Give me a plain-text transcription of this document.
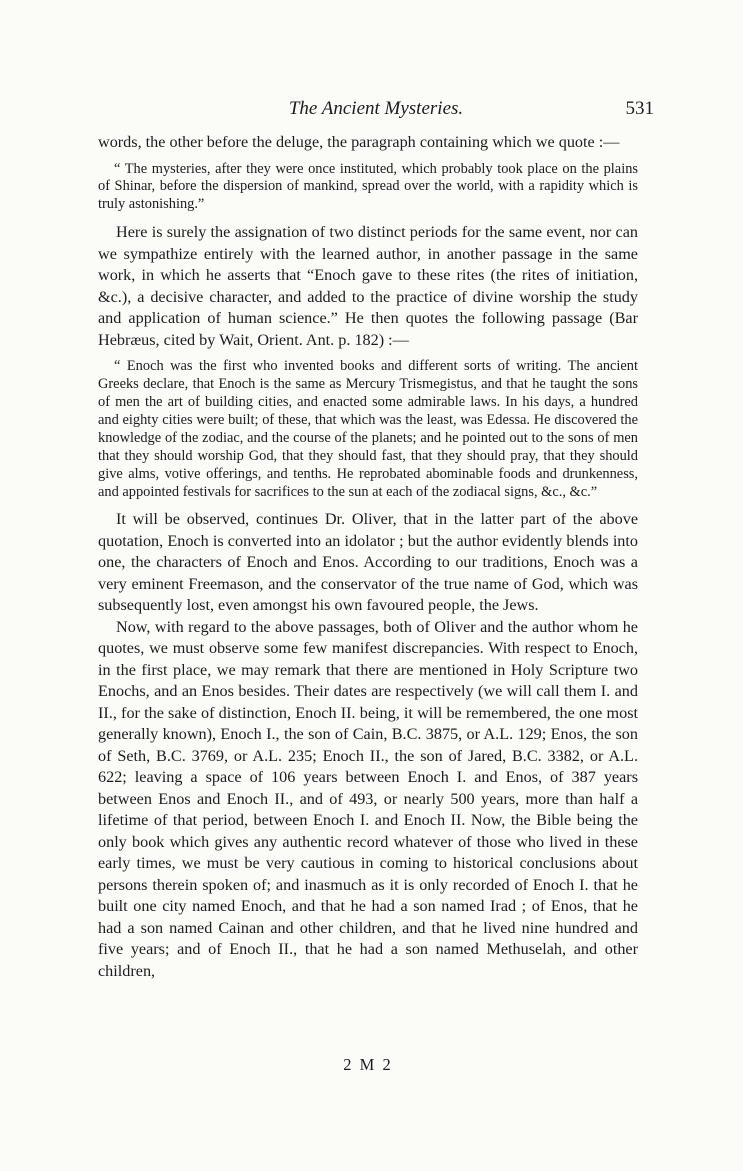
The Ancient Mysteries.	531

words, the other before the deluge, the paragraph containing which we quote :—

“ The mysteries, after they were once instituted, which probably took place on the plains of Shinar, before the dispersion of mankind, spread over the world, with a rapidity which is truly astonishing.”

Here is surely the assignation of two distinct periods for the same event, nor can we sympathize entirely with the learned author, in another passage in the same work, in which he asserts that “Enoch gave to these rites (the rites of initiation, &c.), a decisive character, and added to the practice of divine worship the study and application of human science.” He then quotes the following passage (Bar Hebræus, cited by Wait, Orient. Ant. p. 182) :—

“ Enoch was the first who invented books and different sorts of writing. The ancient Greeks declare, that Enoch is the same as Mercury Trismegistus, and that he taught the sons of men the art of building cities, and enacted some admirable laws. In his days, a hundred and eighty cities were built; of these, that which was the least, was Edessa. He discovered the knowledge of the zodiac, and the course of the planets; and he pointed out to the sons of men that they should worship God, that they should fast, that they should pray, that they should give alms, votive offerings, and tenths. He reprobated abominable foods and drunkenness, and appointed festivals for sacrifices to the sun at each of the zodiacal signs, &c., &c.”

It will be observed, continues Dr. Oliver, that in the latter part of the above quotation, Enoch is converted into an idolator ; but the author evidently blends into one, the characters of Enoch and Enos. According to our traditions, Enoch was a very eminent Freemason, and the conservator of the true name of God, which was subsequently lost, even amongst his own favoured people, the Jews.

Now, with regard to the above passages, both of Oliver and the author whom he quotes, we must observe some few manifest discrepancies. With respect to Enoch, in the first place, we may remark that there are mentioned in Holy Scripture two Enochs, and an Enos besides. Their dates are respectively (we will call them I. and II., for the sake of distinction, Enoch II. being, it will be remembered, the one most generally known), Enoch I., the son of Cain, B.C. 3875, or A.L. 129; Enos, the son of Seth, B.C. 3769, or A.L. 235; Enoch II., the son of Jared, B.C. 3382, or A.L. 622; leaving a space of 106 years between Enoch I. and Enos, of 387 years between Enos and Enoch II., and of 493, or nearly 500 years, more than half a lifetime of that period, between Enoch I. and Enoch II. Now, the Bible being the only book which gives any authentic record whatever of those who lived in these early times, we must be very cautious in coming to historical conclusions about persons therein spoken of; and inasmuch as it is only recorded of Enoch I. that he built one city named Enoch, and that he had a son named Irad ; of Enos, that he had a son named Cainan and other children, and that he lived nine hundred and five years; and of Enoch II., that he had a son named Methuselah, and other children,

2 M 2
